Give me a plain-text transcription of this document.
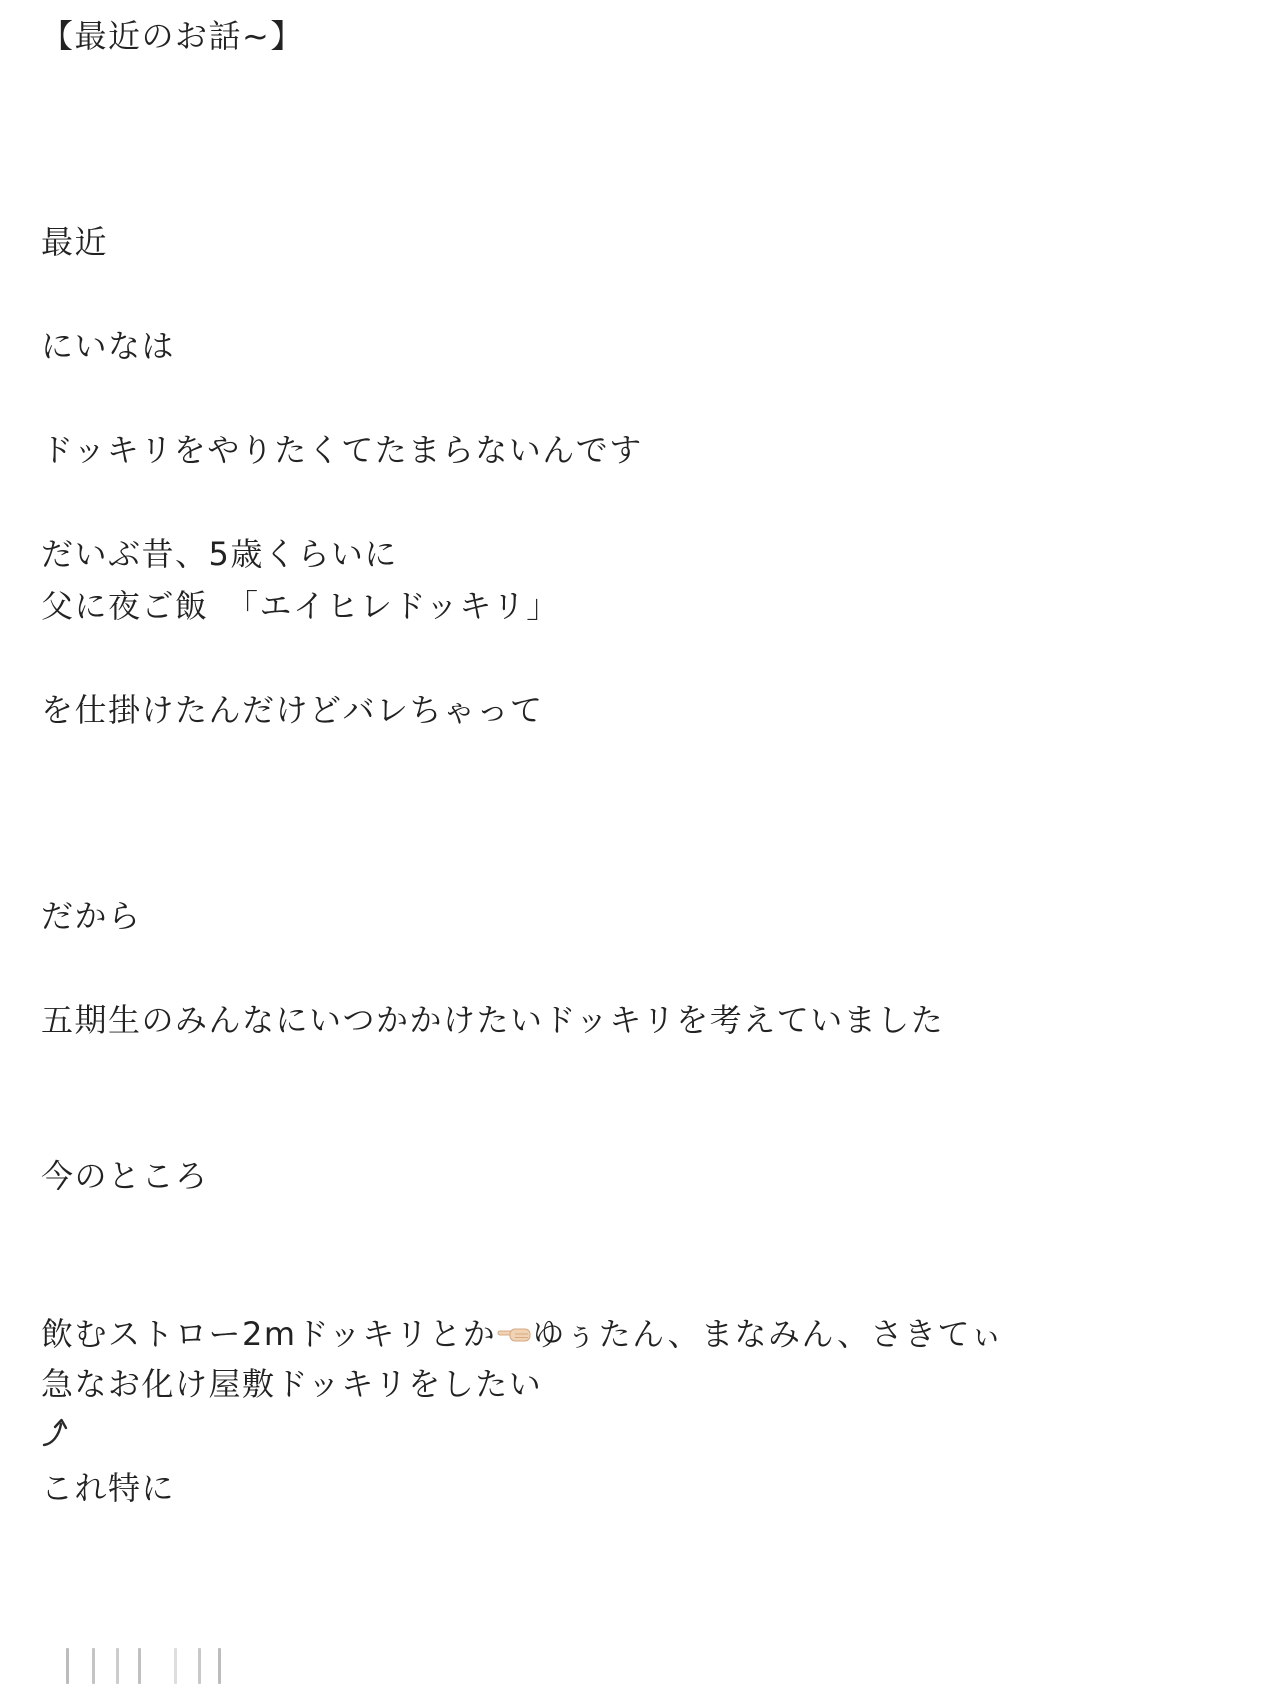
【最近のお話~】

最近

にいなは

ドッキリをやりたくてたまらないんです

だいぶ昔、5歳くらいに

父に夜ご飯　「エイヒレドッキリ」

を仕掛けたんだけどバレちゃって

だから

五期生のみんなにいつかかけたいドッキリを考えていました

今のところ

飲むストロー2mドッキリとか ゆぅたん、まなみん、さきてぃ

急なお化け屋敷ドッキリをしたい

これ特に
